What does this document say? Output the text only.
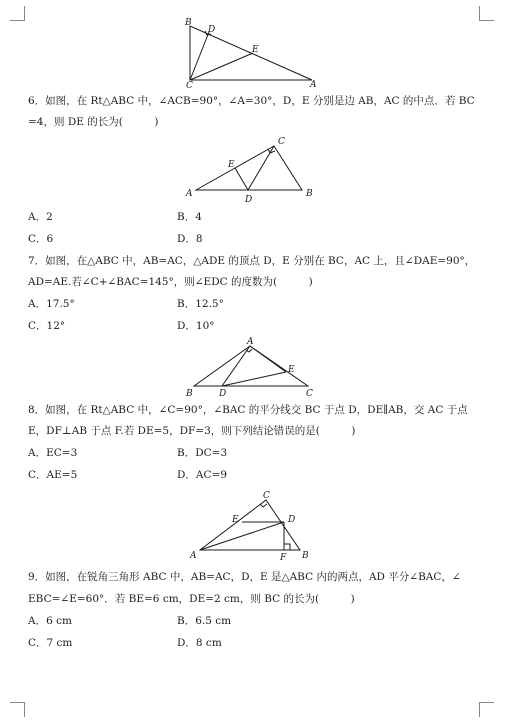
B
D
E
C	A
6．如图，在 Rt△ABC 中，∠ACB=90°，∠A=30°，D，E 分别是边 AB，AC 的中点．若 BC
=4，则 DE 的长为(　　　)
C
E
A
D
B
A．2	B．4
C．6	D．8
7．如图，在△ABC 中，AB=AC，△ADE 的顶点 D，E 分别在 BC，AC 上，且∠DAE=90°，
AD=AE.若∠C+∠BAC=145°，则∠EDC 的度数为(　　　)
A．17.5°	B．12.5°
C．12°	D．10°
A
E
B	D	C
8．如图，在 Rt△ABC 中，∠C=90°，∠BAC 的平分线交 BC 于点 D，DE∥AB，交 AC 于点
E，DF⊥AB 于点 F.若 DE=5，DF=3，则下列结论错误的是(　　　)
A．EC=3	B．DC=3
C．AE=5	D．AC=9
C
E	D
A	F B
9．如图，在锐角三角形 ABC 中，AB=AC，D，E 是△ABC 内的两点，AD 平分∠BAC，∠
EBC=∠E=60°．若 BE=6 cm，DE=2 cm，则 BC 的长为(　　　)
A．6 cm	B．6.5 cm
C．7 cm	D．8 cm
